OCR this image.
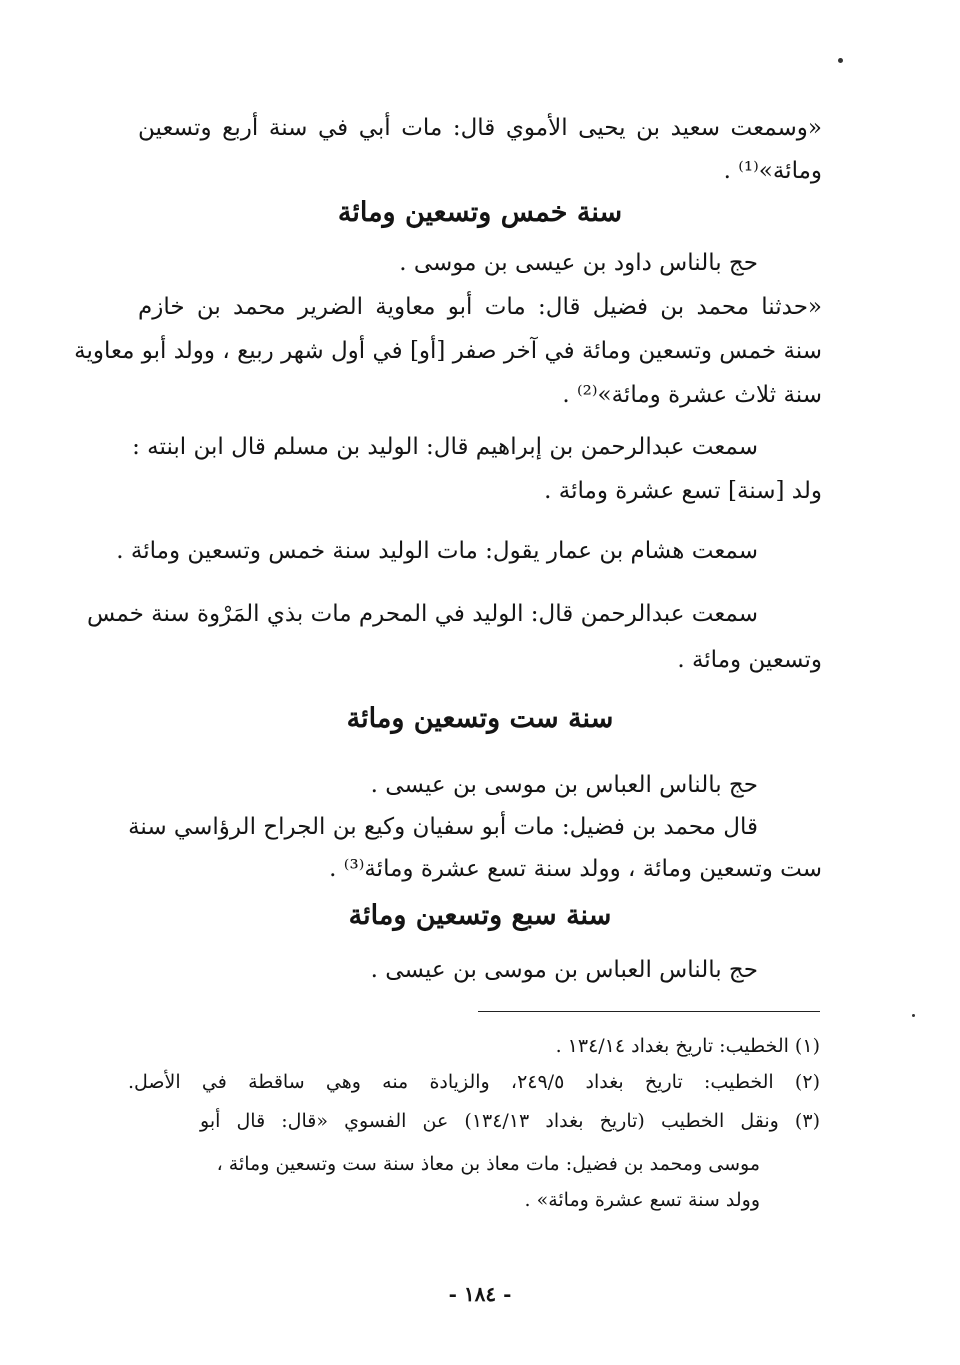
«وسمعت سعيد بن يحيى الأموي قال: مات أبي في سنة أربع وتسعين
ومائة»⁽¹⁾ .
سنة خمس وتسعين ومائة
حج بالناس داود بن عيسى بن موسى .
«حدثنا محمد بن فضيل قال: مات أبو معاوية الضرير محمد بن خازم
سنة خمس وتسعين ومائة في آخر صفر [أو] في أول شهر ربيع ، وولد أبو معاوية
سنة ثلاث عشرة ومائة»⁽²⁾ .
سمعت عبدالرحمن بن إبراهيم قال: الوليد بن مسلم قال ابن ابنته :
ولد [سنة] تسع عشرة ومائة .
سمعت هشام بن عمار يقول: مات الوليد سنة خمس وتسعين ومائة .
سمعت عبدالرحمن قال: الوليد في المحرم مات بذي المَرْوة سنة خمس
وتسعين ومائة .
سنة ست وتسعين ومائة
حج بالناس العباس بن موسى بن عيسى .
قال محمد بن فضيل: مات أبو سفيان وكيع بن الجراح الرؤاسي سنة
ست وتسعين ومائة ، وولد سنة تسع عشرة ومائة⁽³⁾ .
سنة سبع وتسعين ومائة
حج بالناس العباس بن موسى بن عيسى .
(١) الخطيب: تاريخ بغداد ١٣٤/١٤ .
(٢) الخطيب: تاريخ بغداد ٢٤٩/٥، والزيادة منه وهي ساقطة في الأصل.
(٣) ونقل الخطيب (تاريخ بغداد ١٣٤/١٣) عن الفسوي «قال: قال أبو
موسى ومحمد بن فضيل: مات معاذ بن معاذ سنة ست وتسعين ومائة ،
وولد سنة تسع عشرة ومائة» .
- ١٨٤ -
